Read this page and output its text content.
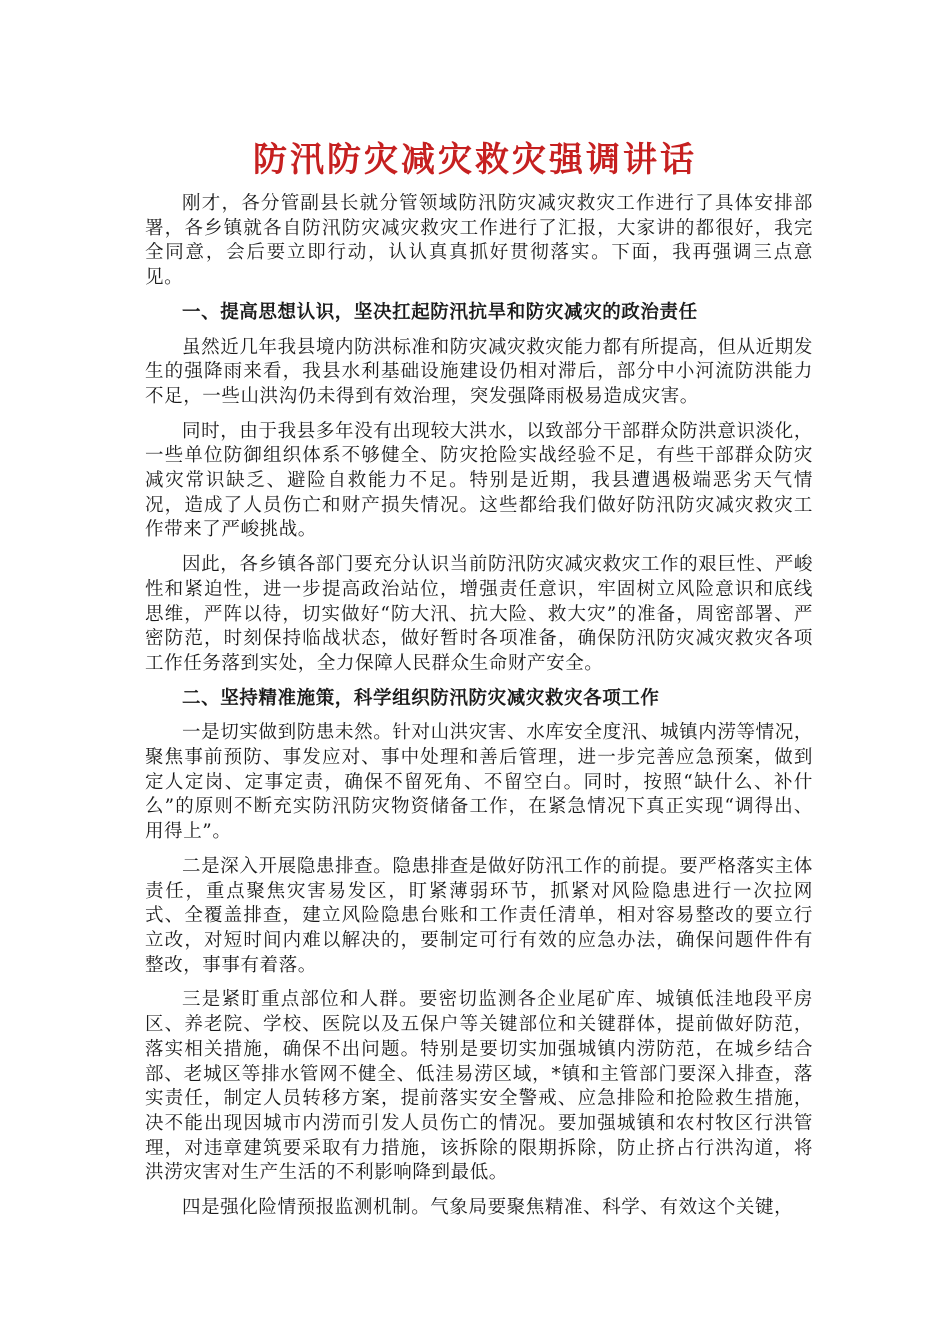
防汛防灾减灾救灾强调讲话

刚才，各分管副县长就分管领域防汛防灾减灾救灾工作进行了具体安排部署，各乡镇就各自防汛防灾减灾救灾工作进行了汇报，大家讲的都很好，我完全同意，会后要立即行动，认认真真抓好贯彻落实。下面，我再强调三点意见。

一、提高思想认识，坚决扛起防汛抗旱和防灾减灾的政治责任

虽然近几年我县境内防洪标准和防灾减灾救灾能力都有所提高，但从近期发生的强降雨来看，我县水利基础设施建设仍相对滞后，部分中小河流防洪能力不足，一些山洪沟仍未得到有效治理，突发强降雨极易造成灾害。

同时，由于我县多年没有出现较大洪水，以致部分干部群众防洪意识淡化，一些单位防御组织体系不够健全、防灾抢险实战经验不足，有些干部群众防灾减灾常识缺乏、避险自救能力不足。特别是近期，我县遭遇极端恶劣天气情况，造成了人员伤亡和财产损失情况。这些都给我们做好防汛防灾减灾救灾工作带来了严峻挑战。

因此，各乡镇各部门要充分认识当前防汛防灾减灾救灾工作的艰巨性、严峻性和紧迫性，进一步提高政治站位，增强责任意识，牢固树立风险意识和底线思维，严阵以待，切实做好“防大汛、抗大险、救大灾”的准备，周密部署、严密防范，时刻保持临战状态，做好暂时各项准备，确保防汛防灾减灾救灾各项工作任务落到实处，全力保障人民群众生命财产安全。

二、坚持精准施策，科学组织防汛防灾减灾救灾各项工作

一是切实做到防患未然。针对山洪灾害、水库安全度汛、城镇内涝等情况，聚焦事前预防、事发应对、事中处理和善后管理，进一步完善应急预案，做到定人定岗、定事定责，确保不留死角、不留空白。同时，按照“缺什么、补什么”的原则不断充实防汛防灾物资储备工作，在紧急情况下真正实现“调得出、用得上”。

二是深入开展隐患排查。隐患排查是做好防汛工作的前提。要严格落实主体责任，重点聚焦灾害易发区，盯紧薄弱环节，抓紧对风险隐患进行一次拉网式、全覆盖排查，建立风险隐患台账和工作责任清单，相对容易整改的要立行立改，对短时间内难以解决的，要制定可行有效的应急办法，确保问题件件有整改，事事有着落。

三是紧盯重点部位和人群。要密切监测各企业尾矿库、城镇低洼地段平房区、养老院、学校、医院以及五保户等关键部位和关键群体，提前做好防范，落实相关措施，确保不出问题。特别是要切实加强城镇内涝防范，在城乡结合部、老城区等排水管网不健全、低洼易涝区域，*镇和主管部门要深入排查，落实责任，制定人员转移方案，提前落实安全警戒、应急排险和抢险救生措施，决不能出现因城市内涝而引发人员伤亡的情况。要加强城镇和农村牧区行洪管理，对违章建筑要采取有力措施，该拆除的限期拆除，防止挤占行洪沟道，将洪涝灾害对生产生活的不利影响降到最低。

四是强化险情预报监测机制。气象局要聚焦精准、科学、有效这个关键，
